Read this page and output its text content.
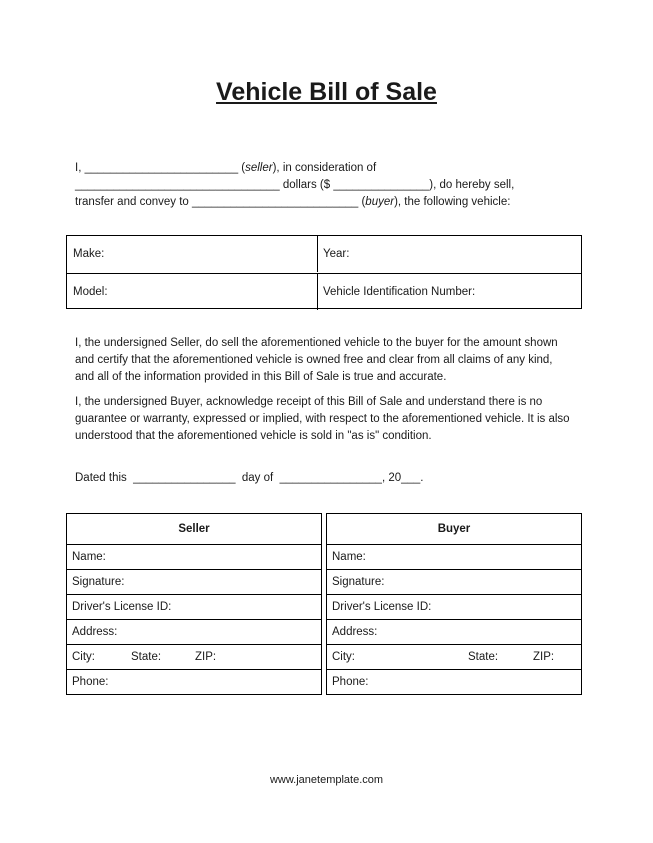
Vehicle Bill of Sale
I, ________________________ (seller), in consideration of
________________________________ dollars ($ _______________), do hereby sell,
transfer and convey to __________________________ (buyer), the following vehicle:
Make:	Year:
Model:	Vehicle Identification Number:
I, the undersigned Seller, do sell the aforementioned vehicle to the buyer for the amount shown and certify that the aforementioned vehicle is owned free and clear from all claims of any kind, and all of the information provided in this Bill of Sale is true and accurate.
I, the undersigned Buyer, acknowledge receipt of this Bill of Sale and understand there is no guarantee or warranty, expressed or implied, with respect to the aforementioned vehicle. It is also understood that the aforementioned vehicle is sold in "as is" condition.
Dated this  ________________  day of  ________________, 20___.
Seller
Name:
Signature:
Driver's License ID:
Address:
City:	State:	ZIP:
Phone:
Buyer
Name:
Signature:
Driver's License ID:
Address:
City:	State:	ZIP:
Phone:
www.janetemplate.com
